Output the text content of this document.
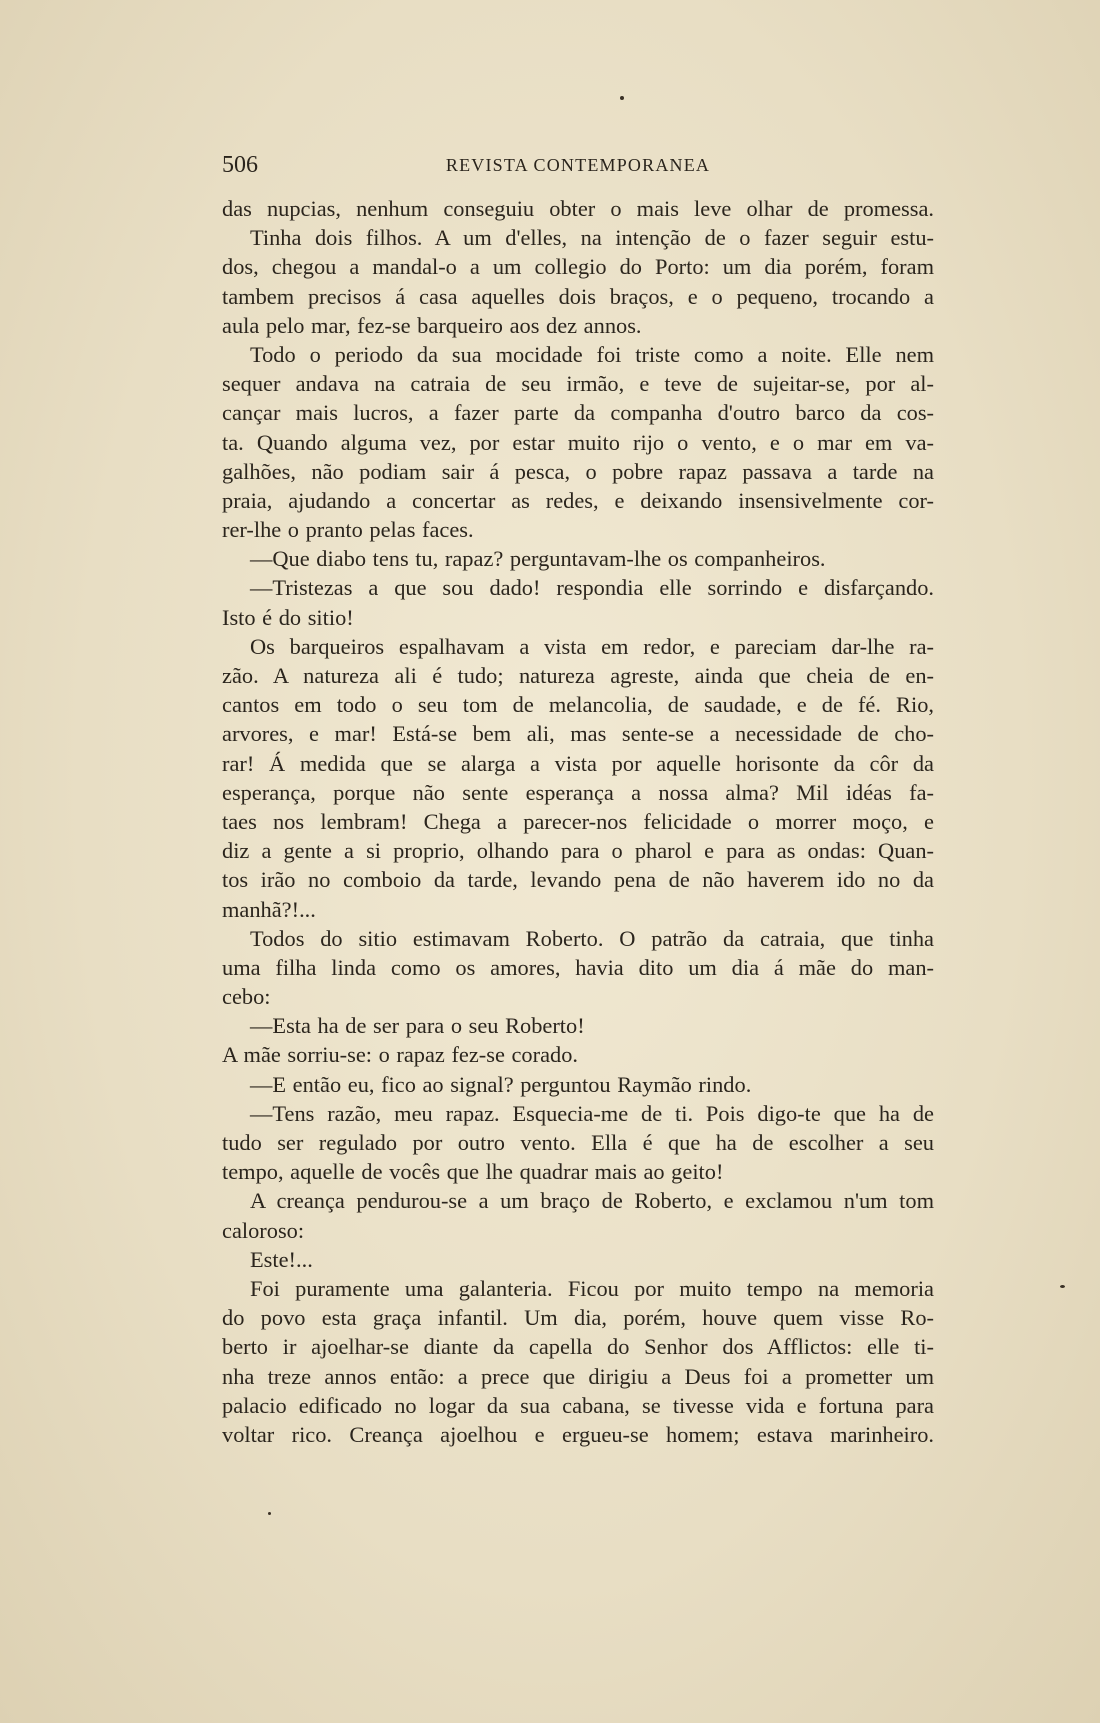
506	REVISTA CONTEMPORANEA
das nupcias, nenhum conseguiu obter o mais leve olhar de promessa.
Tinha dois filhos. A um d'elles, na intenção de o fazer seguir estu-
dos, chegou a mandal-o a um collegio do Porto: um dia porém, foram
tambem precisos á casa aquelles dois braços, e o pequeno, trocando a
aula pelo mar, fez-se barqueiro aos dez annos.
Todo o periodo da sua mocidade foi triste como a noite. Elle nem
sequer andava na catraia de seu irmão, e teve de sujeitar-se, por al-
cançar mais lucros, a fazer parte da companha d'outro barco da cos-
ta. Quando alguma vez, por estar muito rijo o vento, e o mar em va-
galhões, não podiam sair á pesca, o pobre rapaz passava a tarde na
praia, ajudando a concertar as redes, e deixando insensivelmente cor-
rer-lhe o pranto pelas faces.
—Que diabo tens tu, rapaz? perguntavam-lhe os companheiros.
—Tristezas a que sou dado! respondia elle sorrindo e disfarçando.
Isto é do sitio!
Os barqueiros espalhavam a vista em redor, e pareciam dar-lhe ra-
zão. A natureza ali é tudo; natureza agreste, ainda que cheia de en-
cantos em todo o seu tom de melancolia, de saudade, e de fé. Rio,
arvores, e mar! Está-se bem ali, mas sente-se a necessidade de cho-
rar! Á medida que se alarga a vista por aquelle horisonte da côr da
esperança, porque não sente esperança a nossa alma? Mil idéas fa-
taes nos lembram! Chega a parecer-nos felicidade o morrer moço, e
diz a gente a si proprio, olhando para o pharol e para as ondas: Quan-
tos irão no comboio da tarde, levando pena de não haverem ido no da
manhã?!...
Todos do sitio estimavam Roberto. O patrão da catraia, que tinha
uma filha linda como os amores, havia dito um dia á mãe do man-
cebo:
—Esta ha de ser para o seu Roberto!
A mãe sorriu-se: o rapaz fez-se corado.
—E então eu, fico ao signal? perguntou Raymão rindo.
—Tens razão, meu rapaz. Esquecia-me de ti. Pois digo-te que ha de
tudo ser regulado por outro vento. Ella é que ha de escolher a seu
tempo, aquelle de vocês que lhe quadrar mais ao geito!
A creança pendurou-se a um braço de Roberto, e exclamou n'um tom
caloroso:
Este!...
Foi puramente uma galanteria. Ficou por muito tempo na memoria
do povo esta graça infantil. Um dia, porém, houve quem visse Ro-
berto ir ajoelhar-se diante da capella do Senhor dos Afflictos: elle ti-
nha treze annos então: a prece que dirigiu a Deus foi a prometter um
palacio edificado no logar da sua cabana, se tivesse vida e fortuna para
voltar rico. Creança ajoelhou e ergueu-se homem; estava marinheiro.
